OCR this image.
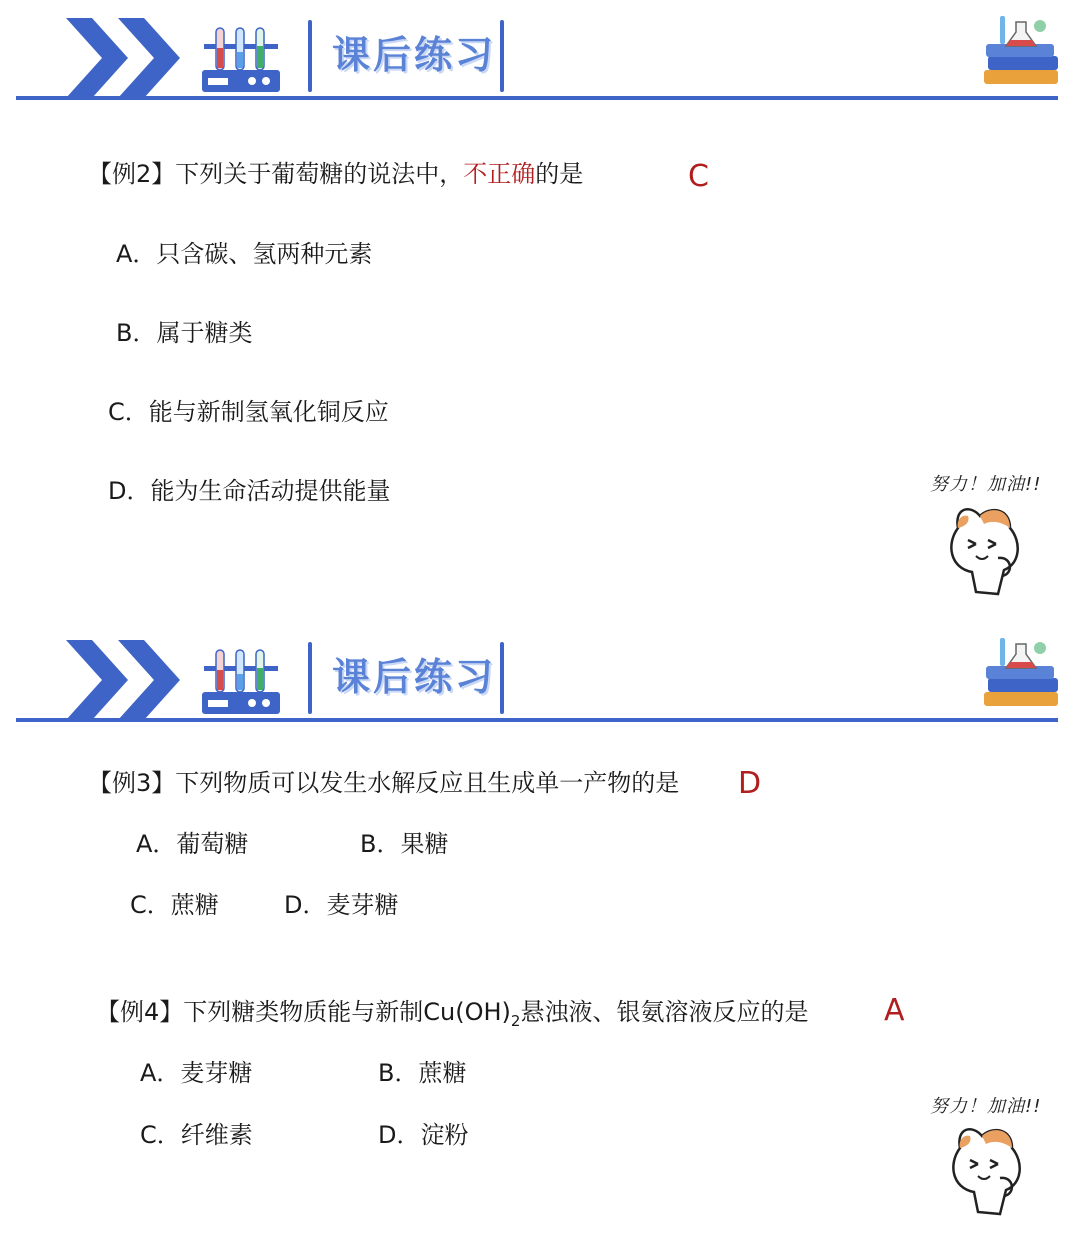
课后练习
【例2】下列关于葡萄糖的说法中，不正确的是	C
A．只含碳、氢两种元素
B．属于糖类
C．能与新制氢氧化铜反应
D．能为生命活动提供能量	努力！加油!!
课后练习
【例3】下列物质可以发生水解反应且生成单一产物的是 D
A．葡萄糖	B．果糖
C．蔗糖	D．麦芽糖
【例4】下列糖类物质能与新制$Cu(OH)_2$悬浊液、银氨溶液反应的是	A
A．麦芽糖	B．蔗糖
C．纤维素	D．淀粉
努力！加油!!
